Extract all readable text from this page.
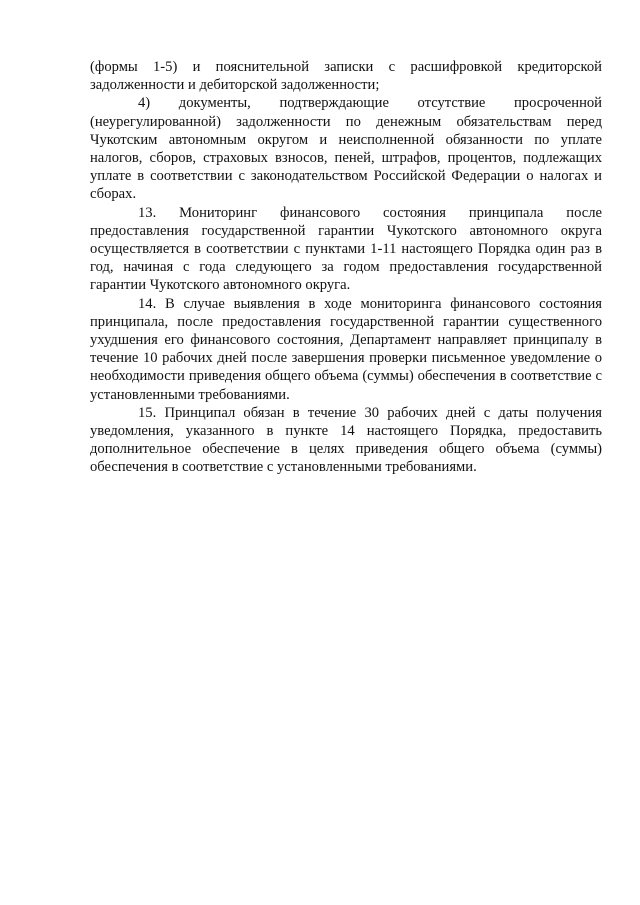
(формы 1-5) и пояснительной записки с расшифровкой кредиторской задолженности и дебиторской задолженности;

4) документы, подтверждающие отсутствие просроченной (неурегулированной) задолженности по денежным обязательствам перед Чукотским автономным округом и неисполненной обязанности по уплате налогов, сборов, страховых взносов, пеней, штрафов, процентов, подлежащих уплате в соответствии с законодательством Российской Федерации о налогах и сборах.

13. Мониторинг финансового состояния принципала после предоставления государственной гарантии Чукотского автономного округа осуществляется в соответствии с пунктами 1-11 настоящего Порядка один раз в год, начиная с года следующего за годом предоставления государственной гарантии Чукотского автономного округа.

14. В случае выявления в ходе мониторинга финансового состояния принципала, после предоставления государственной гарантии существенного ухудшения его финансового состояния, Департамент направляет принципалу в течение 10 рабочих дней после завершения проверки письменное уведомление о необходимости приведения общего объема (суммы) обеспечения в соответствие с установленными требованиями.

15. Принципал обязан в течение 30 рабочих дней с даты получения уведомления, указанного в пункте 14 настоящего Порядка, предоставить дополнительное обеспечение в целях приведения общего объема (суммы) обеспечения в соответствие с установленными требованиями.
